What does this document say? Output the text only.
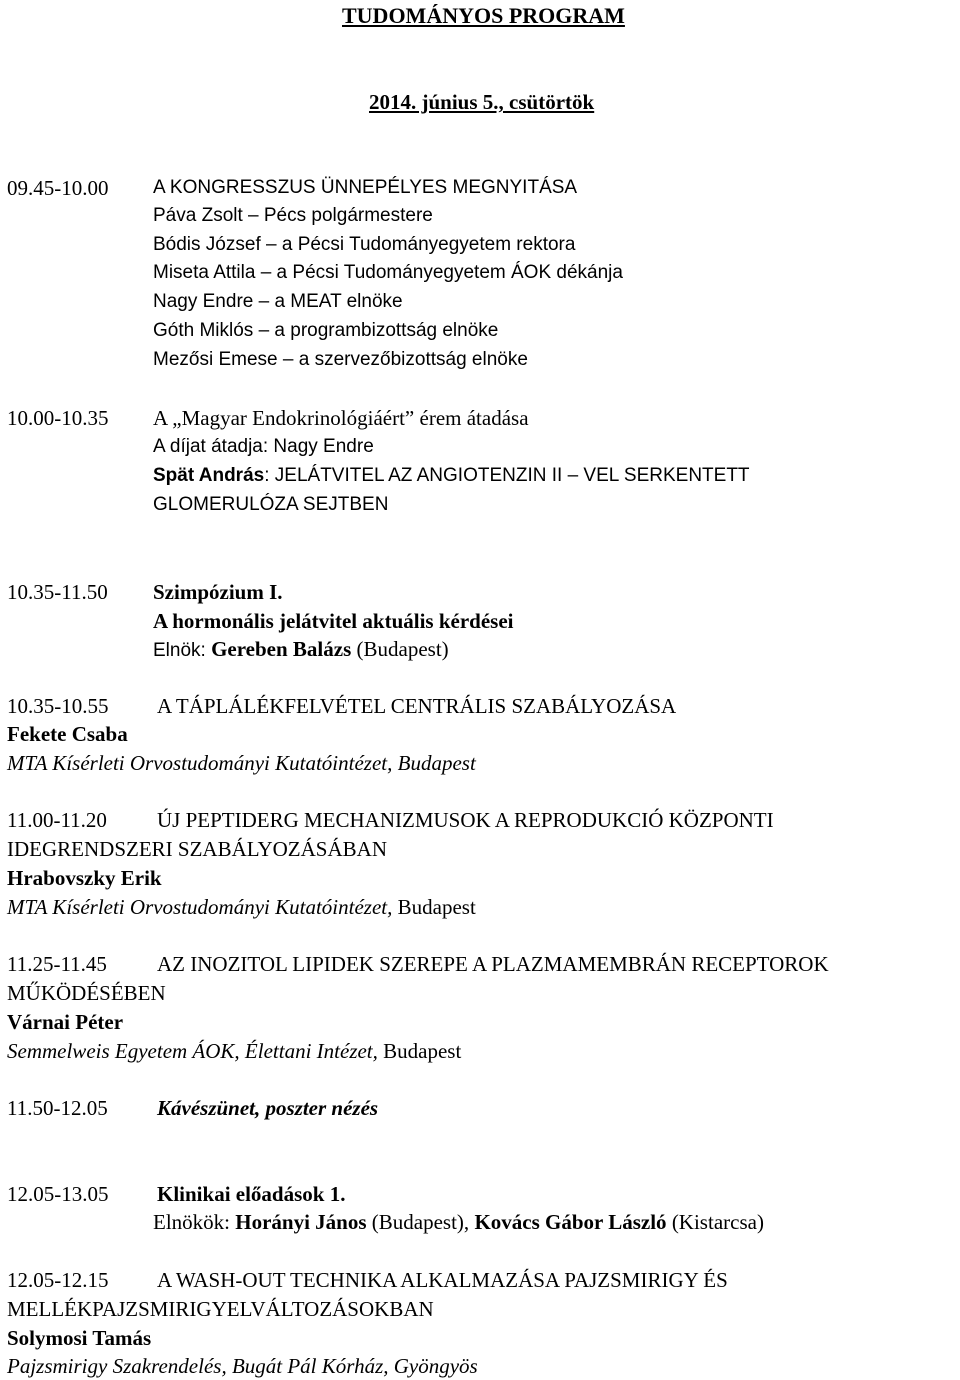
TUDOMÁNYOS PROGRAM
2014. június 5., csütörtök
09.45-10.00 A KONGRESSZUS ÜNNEPÉLYES MEGNYITÁSA
Páva Zsolt – Pécs polgármestere
Bódis József – a Pécsi Tudományegyetem rektora
Miseta Attila – a Pécsi Tudományegyetem ÁOK dékánja
Nagy Endre – a MEAT elnöke
Góth Miklós – a programbizottság elnöke
Mezősi Emese – a szervezőbizottság elnöke
10.00-10.35 A „Magyar Endokrinológiáért” érem átadása
A díjat átadja: Nagy Endre
Spät András: JELÁTVITEL AZ ANGIOTENZIN II – VEL SERKENTETT
GLOMERULÓZA SEJTBEN
10.35-11.50 Szimpózium I.
A hormonális jelátvitel aktuális kérdései
Elnök: Gereben Balázs (Budapest)
10.35-10.55 A TÁPLÁLÉKFELVÉTEL CENTRÁLIS SZABÁLYOZÁSA
Fekete Csaba
MTA Kísérleti Orvostudományi Kutatóintézet, Budapest
11.00-11.20 ÚJ PEPTIDERG MECHANIZMUSOK A REPRODUKCIÓ KÖZPONTI
IDEGRENDSZERI SZABÁLYOZÁSÁBAN
Hrabovszky Erik
MTA Kísérleti Orvostudományi Kutatóintézet, Budapest
11.25-11.45 AZ INOZITOL LIPIDEK SZEREPE A PLAZMAMEMBRÁN RECEPTOROK
MŰKÖDÉSÉBEN
Várnai Péter
Semmelweis Egyetem ÁOK, Élettani Intézet, Budapest
11.50-12.05 Kávészünet, poszter nézés
12.05-13.05 Klinikai előadások 1.
Elnökök: Horányi János (Budapest), Kovács Gábor László (Kistarcsa)
12.05-12.15 A WASH-OUT TECHNIKA ALKALMAZÁSA PAJZSMIRIGY ÉS
MELLÉKPAJZSMIRIGYELVÁLTOZÁSOKBAN
Solymosi Tamás
Pajzsmirigy Szakrendelés, Bugát Pál Kórház, Gyöngyös
